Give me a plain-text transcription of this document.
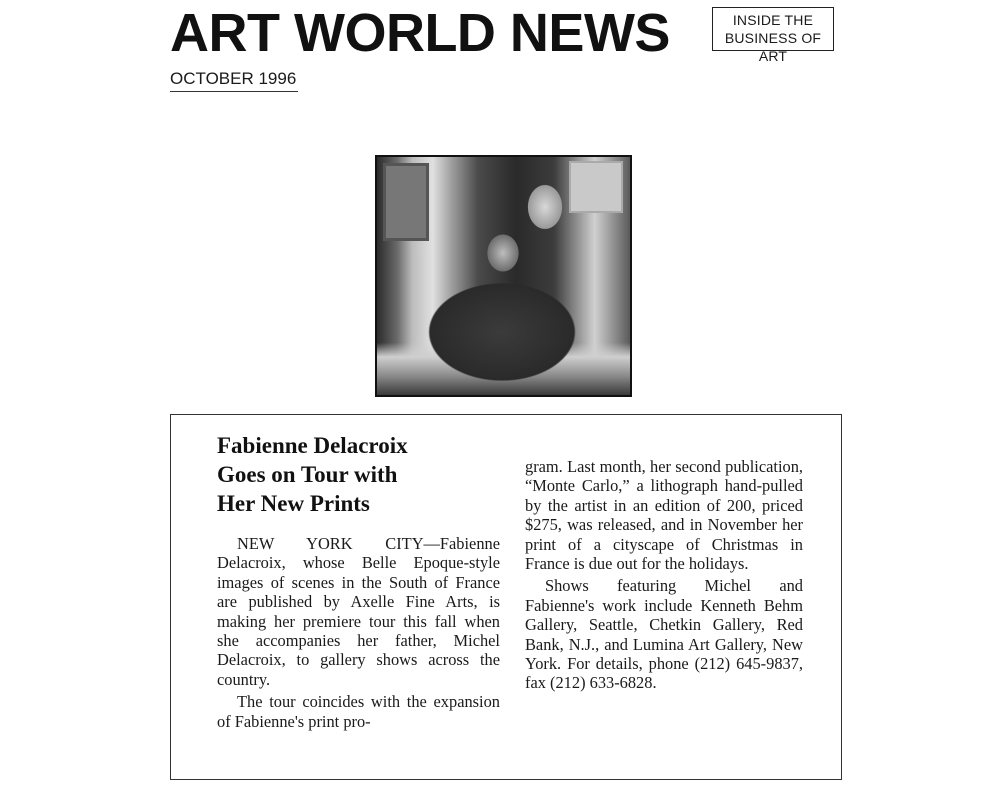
ART WORLD NEWS	INSIDE THE
BUSINESS OF ART
OCTOBER 1996
Fabienne Delacroix
Goes on Tour with
Her New Prints

NEW YORK CITY—Fabienne Delacroix, whose Belle Epoque-style images of scenes in the South of France are published by Axelle Fine Arts, is making her premiere tour this fall when she accompanies her father, Michel Delacroix, to gallery shows across the country.

The tour coincides with the expansion of Fabienne's print pro-

gram. Last month, her second publication, “Monte Carlo,” a lithograph hand-pulled by the artist in an edition of 200, priced $275, was released, and in November her print of a cityscape of Christmas in France is due out for the holidays.

Shows featuring Michel and Fabienne's work include Kenneth Behm Gallery, Seattle, Chetkin Gallery, Red Bank, N.J., and Lumina Art Gallery, New York. For details, phone (212) 645-9837, fax (212) 633-6828.
